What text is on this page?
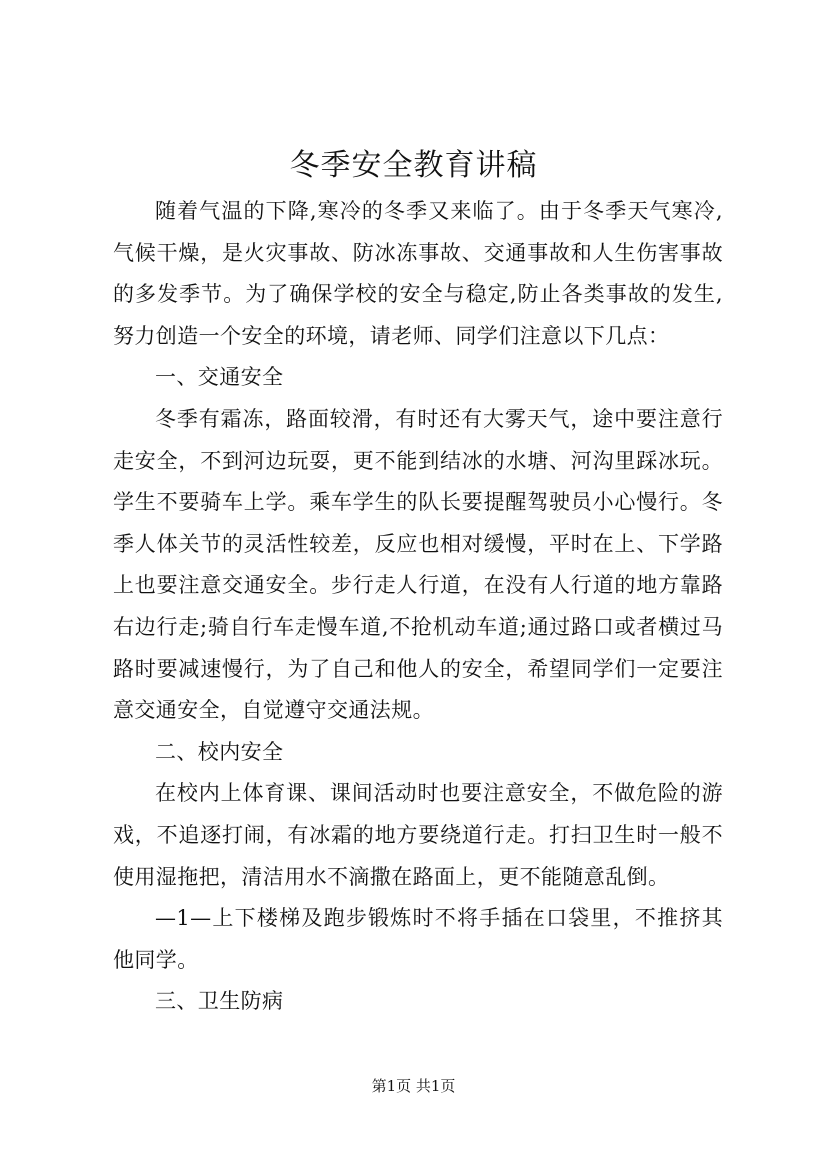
冬季安全教育讲稿

随着气温的下降,寒冷的冬季又来临了。由于冬季天气寒冷,气候干燥，是火灾事故、防冰冻事故、交通事故和人生伤害事故的多发季节。为了确保学校的安全与稳定,防止各类事故的发生,努力创造一个安全的环境，请老师、同学们注意以下几点：

一、交通安全

冬季有霜冻，路面较滑，有时还有大雾天气，途中要注意行走安全，不到河边玩耍，更不能到结冰的水塘、河沟里踩冰玩。学生不要骑车上学。乘车学生的队长要提醒驾驶员小心慢行。冬季人体关节的灵活性较差，反应也相对缓慢，平时在上、下学路上也要注意交通安全。步行走人行道，在没有人行道的地方靠路右边行走;骑自行车走慢车道,不抢机动车道;通过路口或者横过马路时要减速慢行，为了自己和他人的安全，希望同学们一定要注意交通安全，自觉遵守交通法规。

二、校内安全

在校内上体育课、课间活动时也要注意安全，不做危险的游戏，不追逐打闹，有冰霜的地方要绕道行走。打扫卫生时一般不使用湿拖把，清洁用水不滴撒在路面上，更不能随意乱倒。

—1—上下楼梯及跑步锻炼时不将手插在口袋里，不推挤其他同学。

三、卫生防病

第1页 共1页
